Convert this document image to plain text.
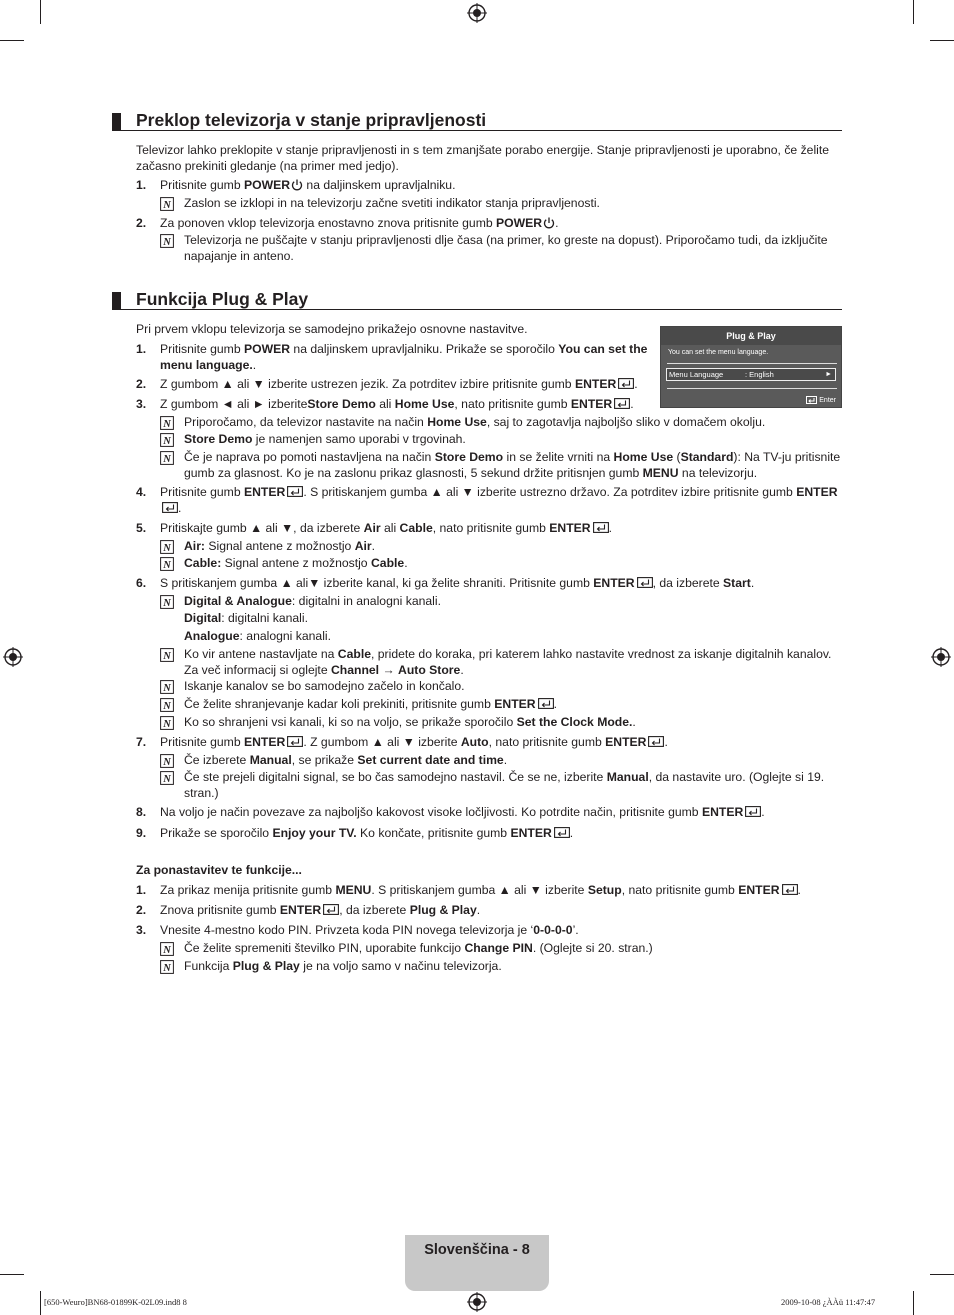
Preklop televizorja v stanje pripravljenosti
Televizor lahko preklopite v stanje pripravljenosti in s tem zmanjšate porabo energije. Stanje pripravljenosti je uporabno, če želite začasno prekiniti gledanje (na primer med jedjo).
1. Pritisnite gumb POWER na daljinskem upravljalniku.
N Zaslon se izklopi in na televizorju začne svetiti indikator stanja pripravljenosti.
2. Za ponoven vklop televizorja enostavno znova pritisnite gumb POWER .
N Televizorja ne puščajte v stanju pripravljenosti dlje časa (na primer, ko greste na dopust). Priporočamo tudi, da izključite napajanje in anteno.
Funkcija Plug & Play
Pri prvem vklopu televizorja se samodejno prikažejo osnovne nastavitve.	Plug & Play
You can set the menu language.
Menu Language	: English	►
Enter
1. Pritisnite gumb POWER na daljinskem upravljalniku. Prikaže se sporočilo You can set the
menu language..
2. Z gumbom ▲ ali ▼ izberite ustrezen jezik. Za potrditev izbire pritisnite gumb ENTER .
3. Z gumbom ◄ ali ► izberiteStore Demo ali Home Use, nato pritisnite gumb ENTER .
N Priporočamo, da televizor nastavite na način Home Use, saj to zagotavlja najboljšo sliko v domačem okolju.
N Store Demo je namenjen samo uporabi v trgovinah.
N Če je naprava po pomoti nastavljena na način Store Demo in se želite vrniti na Home Use (Standard): Na TV-ju pritisnite gumb za glasnost. Ko je na zaslonu prikaz glasnosti, 5 sekund držite pritisnjen gumb MENU na televizorju.
4. Pritisnite gumb ENTER . S pritiskanjem gumba ▲ ali ▼ izberite ustrezno državo. Za potrditev izbire pritisnite gumb ENTER.
5. Pritiskajte gumb ▲ ali ▼, da izberete Air ali Cable, nato pritisnite gumb ENTER .
N Air: Signal antene z možnostjo Air.
N Cable: Signal antene z možnostjo Cable.
6. S pritiskanjem gumba ▲ ali▼ izberite kanal, ki ga želite shraniti. Pritisnite gumb ENTER , da izberete Start.
N Digital & Analogue: digitalni in analogni kanali.
Digital: digitalni kanali.
Analogue: analogni kanali.
N Ko vir antene nastavljate na Cable, pridete do koraka, pri katerem lahko nastavite vrednost za iskanje digitalnih kanalov. Za več informacij si oglejte Channel → Auto Store.
N Iskanje kanalov se bo samodejno začelo in končalo.
N Če želite shranjevanje kadar koli prekiniti, pritisnite gumb ENTER .
N Ko so shranjeni vsi kanali, ki so na voljo, se prikaže sporočilo Set the Clock Mode..
7. Pritisnite gumb ENTER . Z gumbom ▲ ali ▼ izberite Auto, nato pritisnite gumb ENTER .
N Če izberete Manual, se prikaže Set current date and time.
N Če ste prejeli digitalni signal, se bo čas samodejno nastavil. Če se ne, izberite Manual, da nastavite uro. (Oglejte si 19. stran.)
8. Na voljo je način povezave za najboljšo kakovost visoke ločljivosti. Ko potrdite način, pritisnite gumb ENTER .
9. Prikaže se sporočilo Enjoy your TV. Ko končate, pritisnite gumb ENTER .
Za ponastavitev te funkcije...
1. Za prikaz menija pritisnite gumb MENU. S pritiskanjem gumba ▲ ali ▼ izberite Setup, nato pritisnite gumb ENTER .
2. Znova pritisnite gumb ENTER , da izberete Plug & Play.
3. Vnesite 4-mestno kodo PIN. Privzeta koda PIN novega televizorja je ‘0-0-0-0’.
N Če želite spremeniti številko PIN, uporabite funkcijo Change PIN. (Oglejte si 20. stran.)
N Funkcija Plug & Play je na voljo samo v načinu televizorja.
Slovenščina - 8
[650-Weuro]BN68-01899K-02L09.ind8 8	2009-10-08 ¿ÀÀü 11:47:47
